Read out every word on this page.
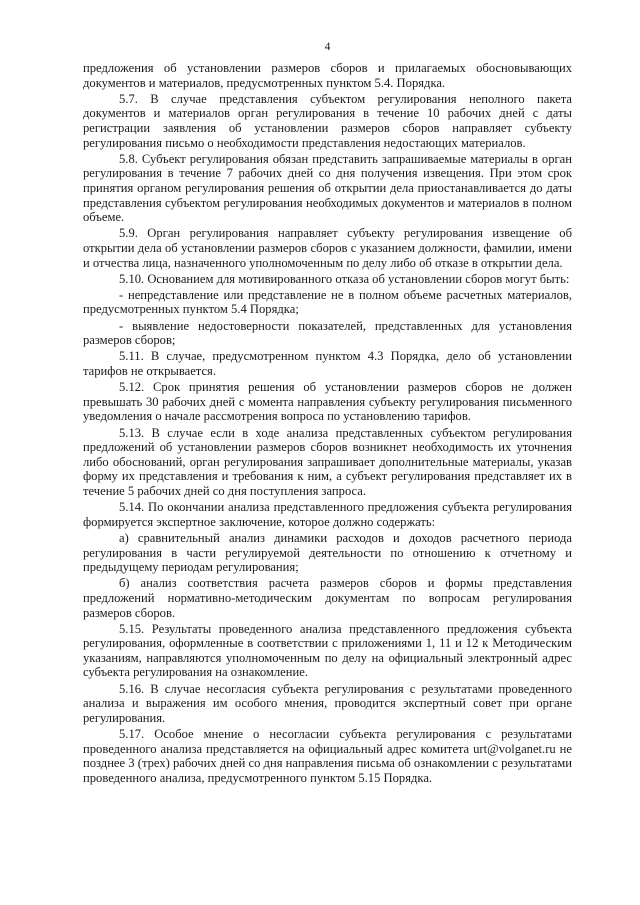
4

предложения об установлении размеров сборов и прилагаемых обосновывающих документов и материалов, предусмотренных пунктом 5.4. Порядка.

5.7. В случае представления субъектом регулирования неполного пакета документов и материалов орган регулирования в течение 10 рабочих дней с даты регистрации заявления об установлении размеров сборов направляет субъекту регулирования письмо о необходимости представления недостающих материалов.

5.8. Субъект регулирования обязан представить запрашиваемые материалы в орган регулирования в течение 7 рабочих дней со дня получения извещения. При этом срок принятия органом регулирования решения об открытии дела приостанавливается до даты представления субъектом регулирования необходимых документов и материалов в полном объеме.

5.9. Орган регулирования направляет субъекту регулирования извещение об открытии дела об установлении размеров сборов с указанием должности, фамилии, имени и отчества лица, назначенного уполномоченным по делу либо об отказе в открытии дела.

5.10. Основанием для мотивированного отказа об установлении сборов могут быть:

- непредставление или представление не в полном объеме расчетных материалов, предусмотренных пунктом 5.4 Порядка;

- выявление недостоверности показателей, представленных для установления размеров сборов;

5.11. В случае, предусмотренном пунктом 4.3 Порядка, дело об установлении тарифов не открывается.

5.12. Срок принятия решения об установлении размеров сборов не должен превышать 30 рабочих дней с момента направления субъекту регулирования письменного уведомления о начале рассмотрения вопроса по установлению тарифов.

5.13. В случае если в ходе анализа представленных субъектом регулирования предложений об установлении размеров сборов возникнет необходимость их уточнения либо обоснований, орган регулирования запрашивает дополнительные материалы, указав форму их представления и требования к ним, а субъект регулирования представляет их в течение 5 рабочих дней со дня поступления запроса.

5.14. По окончании анализа представленного предложения субъекта регулирования формируется экспертное заключение, которое должно содержать:

а) сравнительный анализ динамики расходов и доходов расчетного периода регулирования в части регулируемой деятельности по отношению к отчетному и предыдущему периодам регулирования;

б) анализ соответствия расчета размеров сборов и формы представления предложений нормативно-методическим документам по вопросам регулирования размеров сборов.

5.15. Результаты проведенного анализа представленного предложения субъекта регулирования, оформленные в соответствии с приложениями 1, 11 и 12 к Методическим указаниям, направляются уполномоченным по делу на официальный электронный адрес субъекта регулирования на ознакомление.

5.16. В случае несогласия субъекта регулирования с результатами проведенного анализа и выражения им особого мнения, проводится экспертный совет при органе регулирования.

5.17. Особое мнение о несогласии субъекта регулирования с результатами проведенного анализа представляется на официальный адрес комитета urt@volganet.ru не позднее 3 (трех) рабочих дней со дня направления письма об ознакомлении с результатами проведенного анализа, предусмотренного пунктом 5.15 Порядка.
